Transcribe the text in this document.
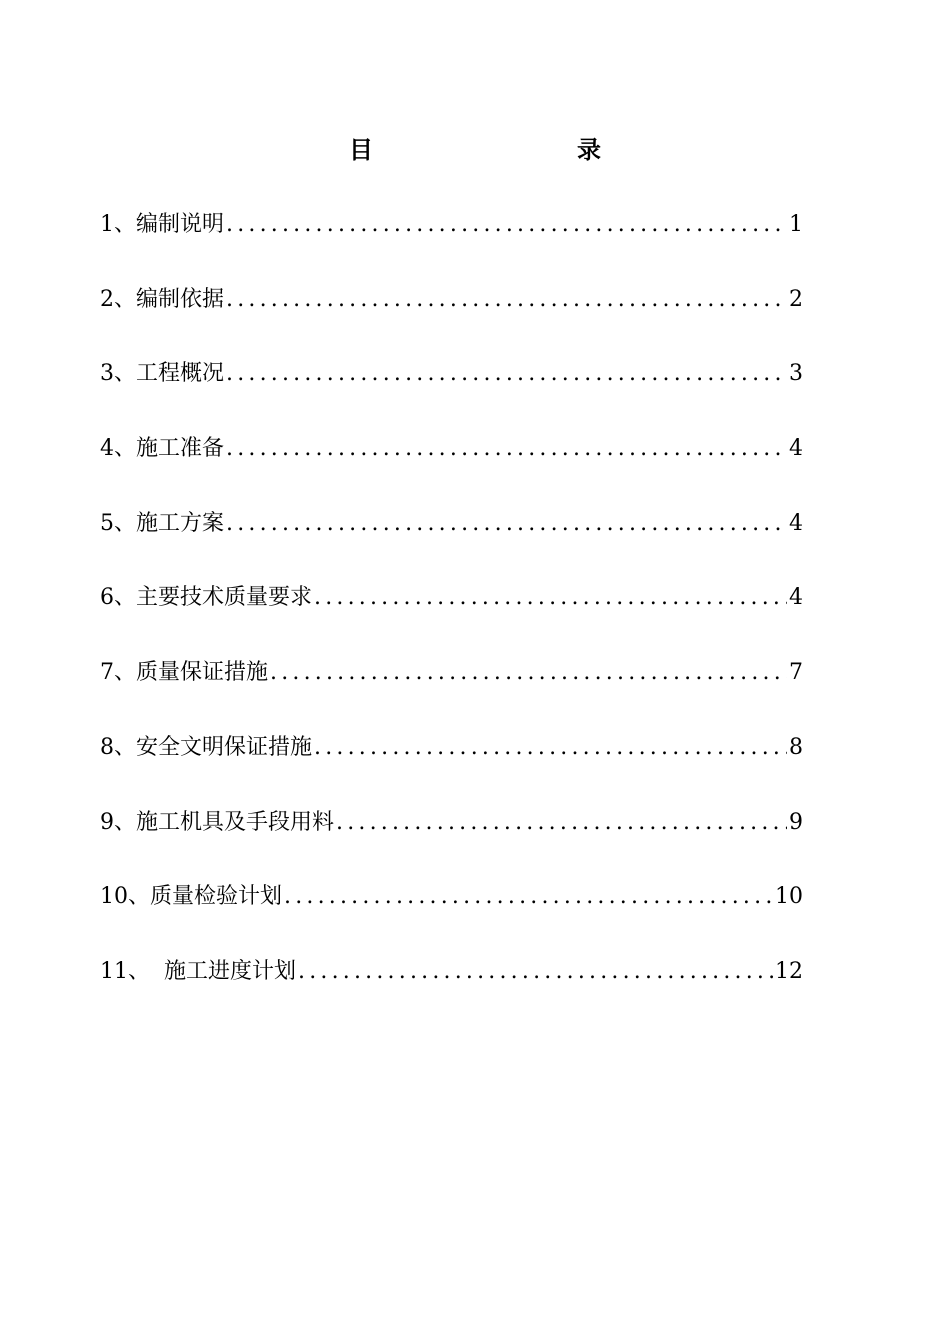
目　　录
1、 编制说明 .....	1
2、 编制依据 .....	2
3、 工程概况 .....	3
4、 施工准备 .....	4
5、 施工方案 .....	4
6、 主要技术质量要求 .....	4
7、 质量保证措施 .....	7
8、 安全文明保证措施 .....	8
9、 施工机具及手段用料 .....	9
10、 质量检验计划 .....	10
11、 施工进度计划 .....	12
